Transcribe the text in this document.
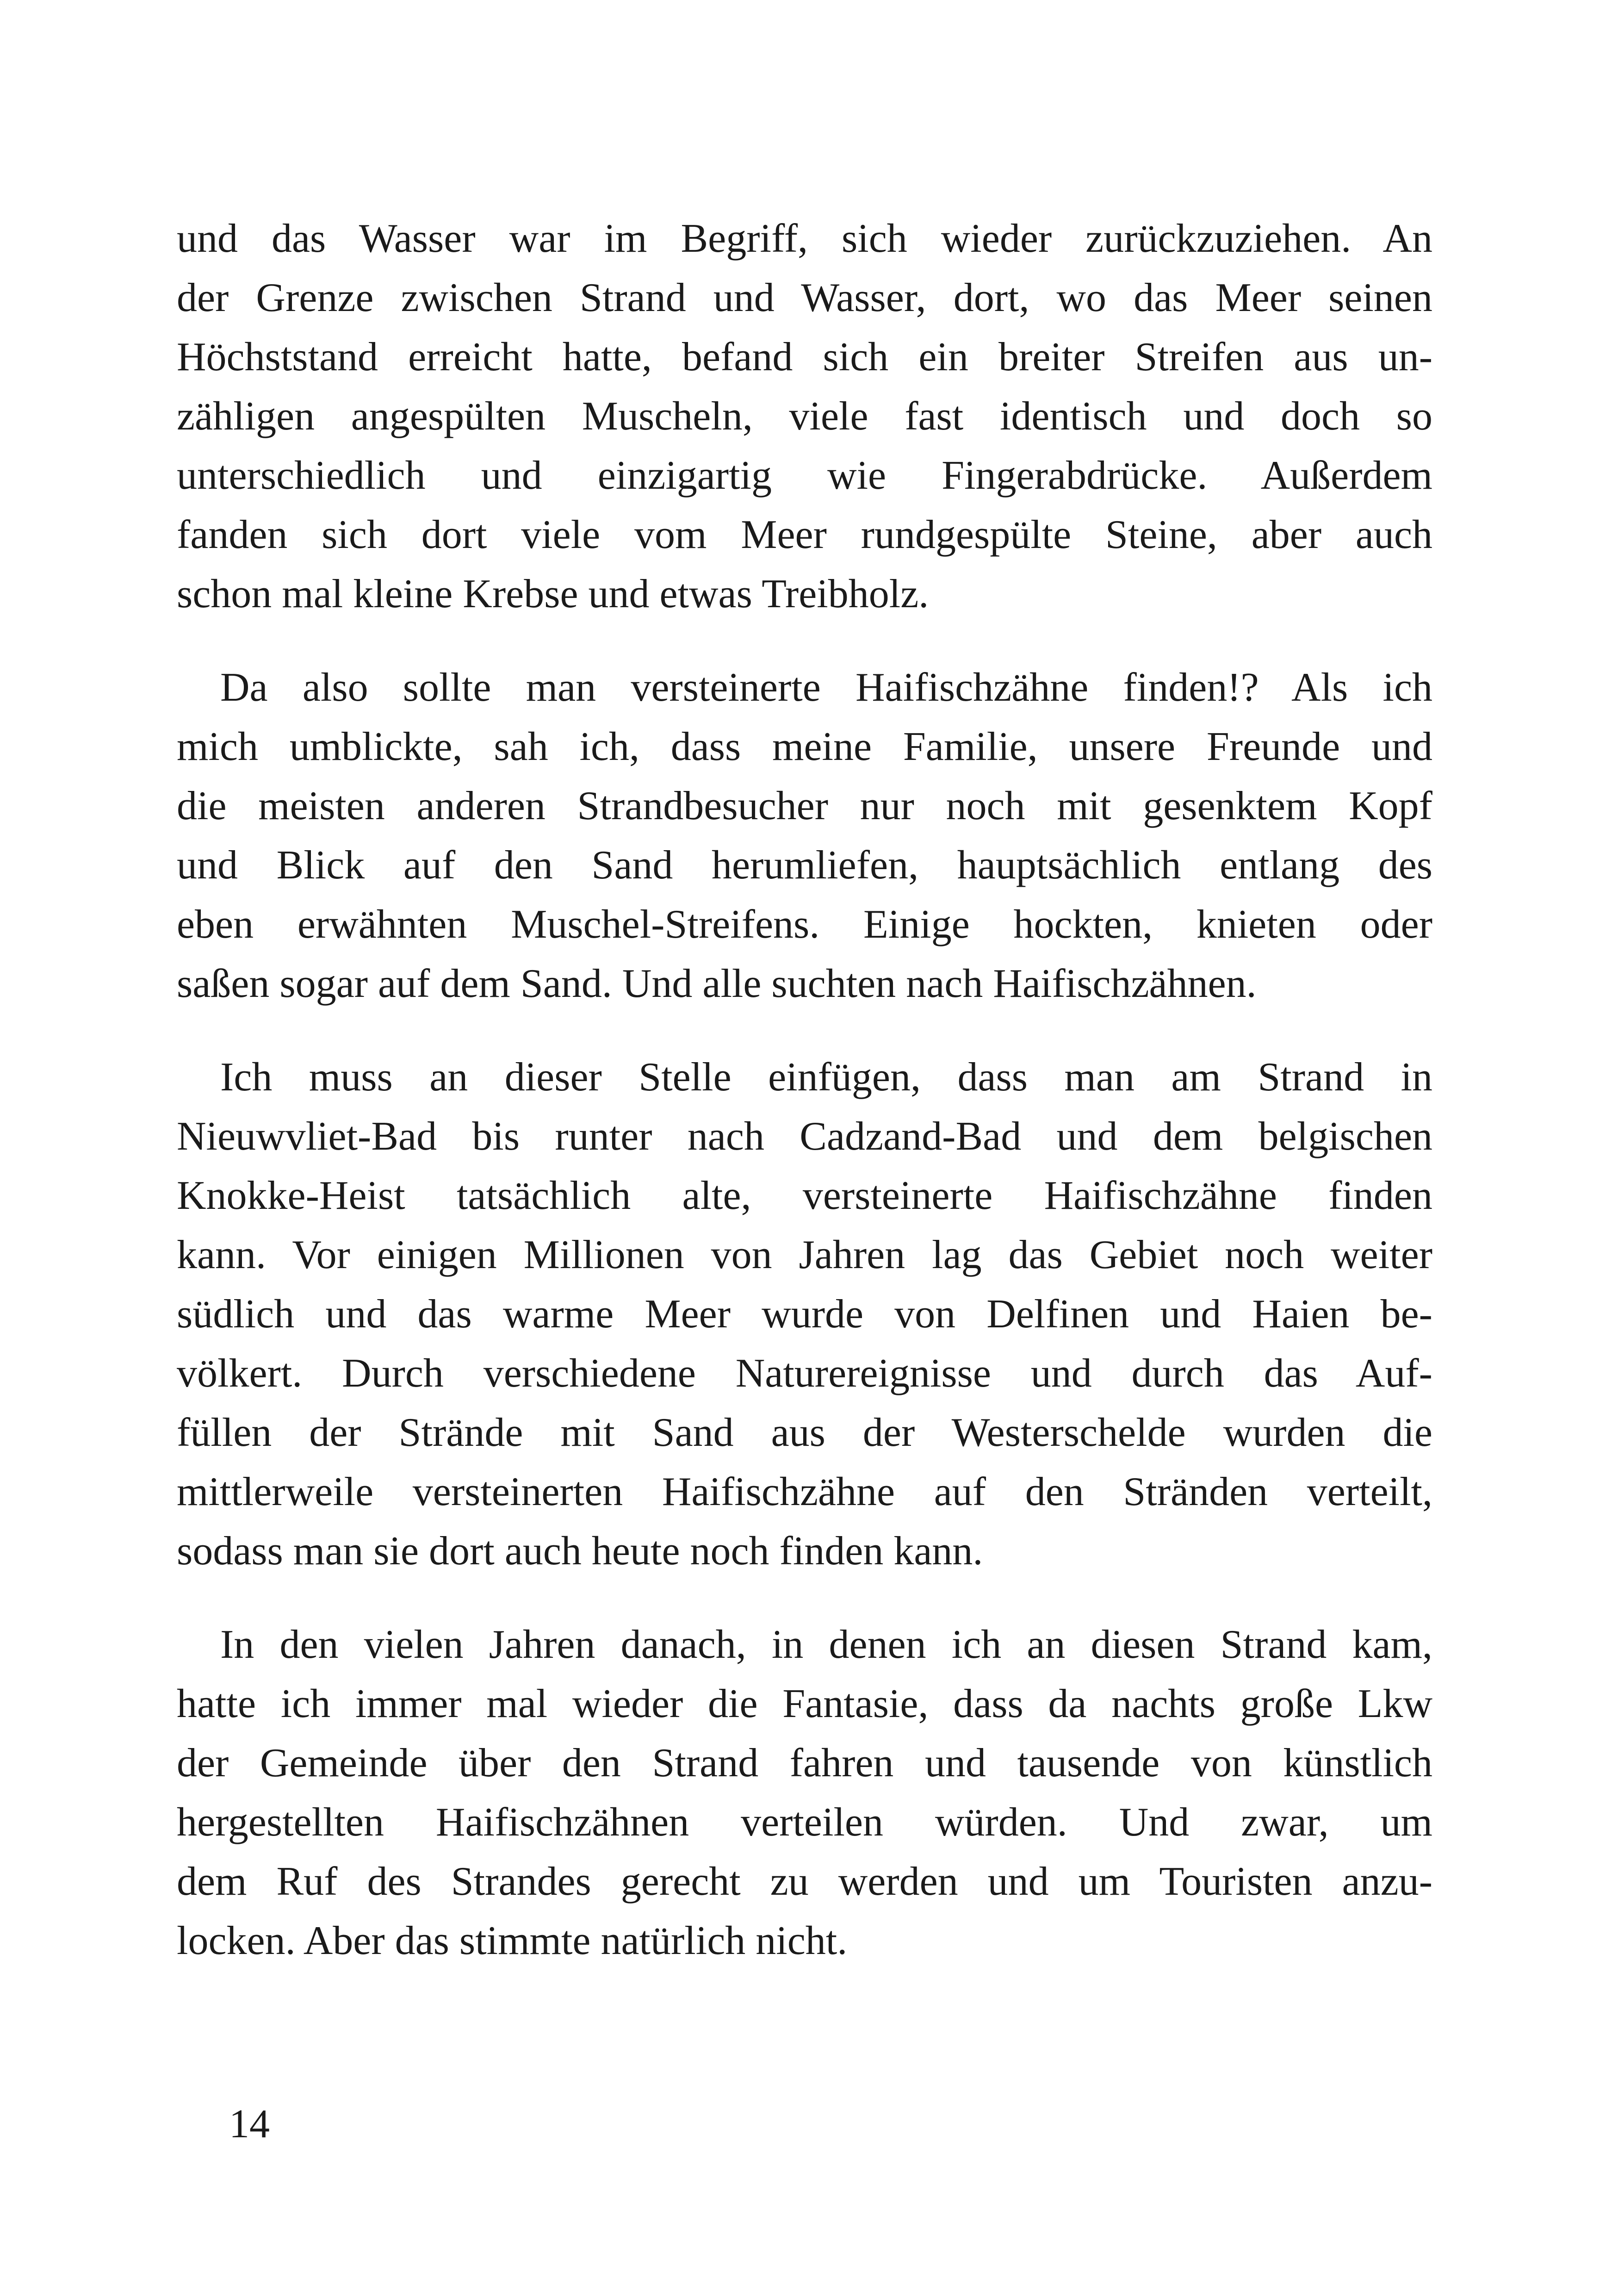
und das Wasser war im Begriff, sich wieder zurückzuziehen. An
der Grenze zwischen Strand und Wasser, dort, wo das Meer seinen
Höchststand erreicht hatte, befand sich ein breiter Streifen aus un-
zähligen angespülten Muscheln, viele fast identisch und doch so
unterschiedlich und einzigartig wie Fingerabdrücke. Außerdem
fanden sich dort viele vom Meer rundgespülte Steine, aber auch
schon mal kleine Krebse und etwas Treibholz.

Da also sollte man versteinerte Haifischzähne finden!? Als ich
mich umblickte, sah ich, dass meine Familie, unsere Freunde und
die meisten anderen Strandbesucher nur noch mit gesenktem Kopf
und Blick auf den Sand herumliefen, hauptsächlich entlang des
eben erwähnten Muschel-Streifens. Einige hockten, knieten oder
saßen sogar auf dem Sand. Und alle suchten nach Haifischzähnen.

Ich muss an dieser Stelle einfügen, dass man am Strand in
Nieuwvliet-Bad bis runter nach Cadzand-Bad und dem belgischen
Knokke-Heist tatsächlich alte, versteinerte Haifischzähne finden
kann. Vor einigen Millionen von Jahren lag das Gebiet noch weiter
südlich und das warme Meer wurde von Delfinen und Haien be-
völkert. Durch verschiedene Naturereignisse und durch das Auf-
füllen der Strände mit Sand aus der Westerschelde wurden die
mittlerweile versteinerten Haifischzähne auf den Stränden verteilt,
sodass man sie dort auch heute noch finden kann.

In den vielen Jahren danach, in denen ich an diesen Strand kam,
hatte ich immer mal wieder die Fantasie, dass da nachts große Lkw
der Gemeinde über den Strand fahren und tausende von künstlich
hergestellten Haifischzähnen verteilen würden. Und zwar, um
dem Ruf des Strandes gerecht zu werden und um Touristen anzu-
locken. Aber das stimmte natürlich nicht.

14
